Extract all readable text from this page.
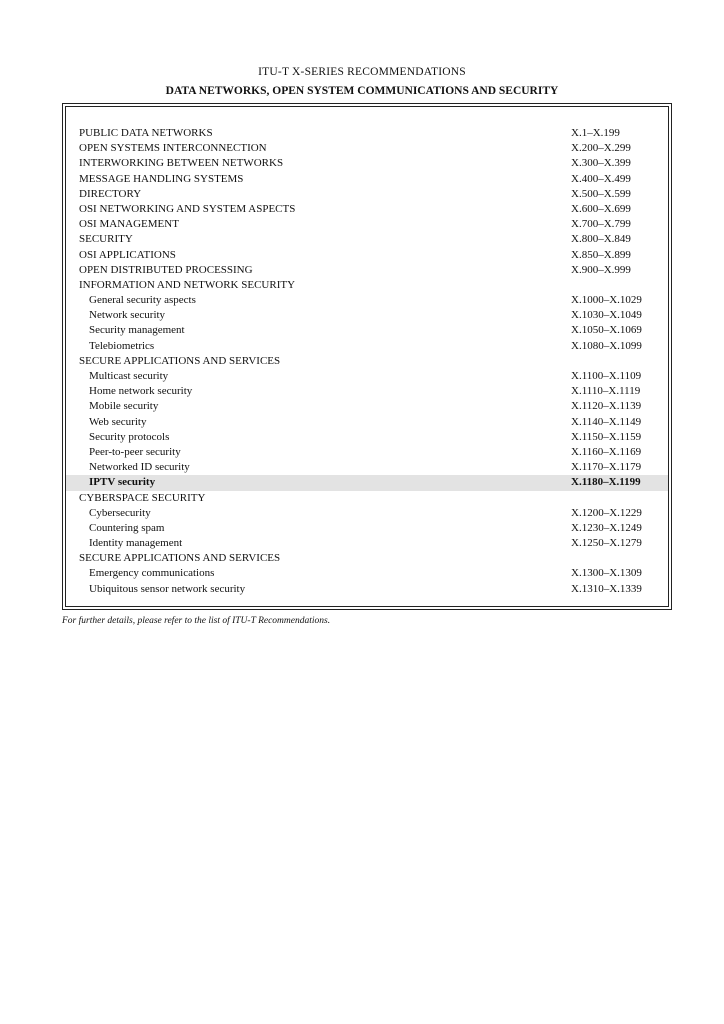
ITU-T X-SERIES RECOMMENDATIONS
DATA NETWORKS, OPEN SYSTEM COMMUNICATIONS AND SECURITY
PUBLIC DATA NETWORKS	X.1–X.199
OPEN SYSTEMS INTERCONNECTION	X.200–X.299
INTERWORKING BETWEEN NETWORKS	X.300–X.399
MESSAGE HANDLING SYSTEMS	X.400–X.499
DIRECTORY	X.500–X.599
OSI NETWORKING AND SYSTEM ASPECTS	X.600–X.699
OSI MANAGEMENT	X.700–X.799
SECURITY	X.800–X.849
OSI APPLICATIONS	X.850–X.899
OPEN DISTRIBUTED PROCESSING	X.900–X.999
INFORMATION AND NETWORK SECURITY
General security aspects	X.1000–X.1029
Network security	X.1030–X.1049
Security management	X.1050–X.1069
Telebiometrics	X.1080–X.1099
SECURE APPLICATIONS AND SERVICES
Multicast security	X.1100–X.1109
Home network security	X.1110–X.1119
Mobile security	X.1120–X.1139
Web security	X.1140–X.1149
Security protocols	X.1150–X.1159
Peer-to-peer security	X.1160–X.1169
Networked ID security	X.1170–X.1179
IPTV security	X.1180–X.1199
CYBERSPACE SECURITY
Cybersecurity	X.1200–X.1229
Countering spam	X.1230–X.1249
Identity management	X.1250–X.1279
SECURE APPLICATIONS AND SERVICES
Emergency communications	X.1300–X.1309
Ubiquitous sensor network security	X.1310–X.1339
For further details, please refer to the list of ITU-T Recommendations.
